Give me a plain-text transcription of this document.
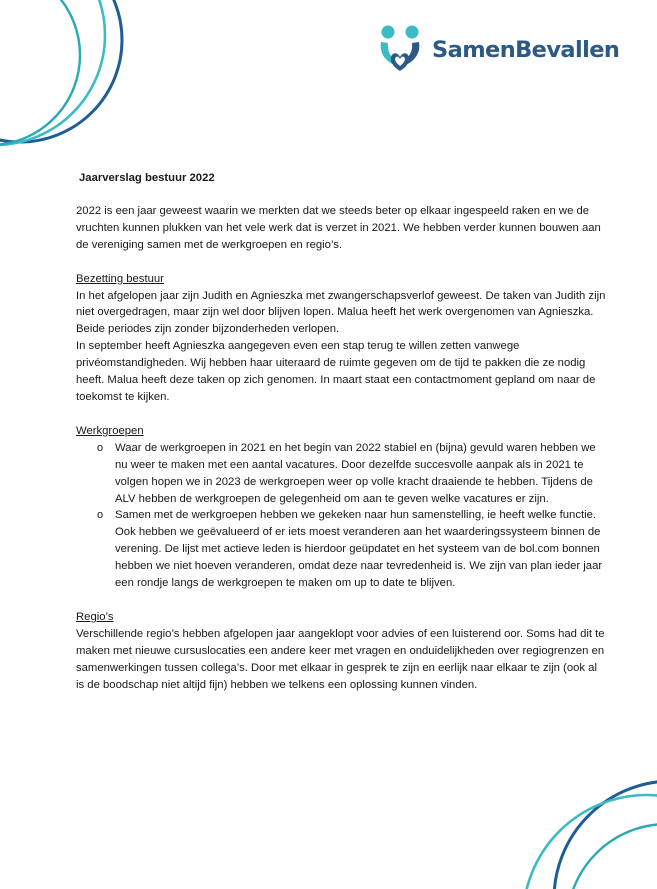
SamenBevallen
Jaarverslag bestuur 2022

2022 is een jaar geweest waarin we merkten dat we steeds beter op elkaar ingespeeld raken en we de vruchten kunnen plukken van het vele werk dat is verzet in 2021. We hebben verder kunnen bouwen aan de vereniging samen met de werkgroepen en regio’s.

Bezetting bestuur

In het afgelopen jaar zijn Judith en Agnieszka met zwangerschapsverlof geweest. De taken van Judith zijn niet overgedragen, maar zijn wel door blijven lopen. Malua heeft het werk overgenomen van Agnieszka. Beide periodes zijn zonder bijzonderheden verlopen.

In september heeft Agnieszka aangegeven even een stap terug te willen zetten vanwege privéomstandigheden. Wij hebben haar uiteraard de ruimte gegeven om de tijd te pakken die ze nodig heeft. Malua heeft deze taken op zich genomen. In maart staat een contactmoment gepland om naar de toekomst te kijken.

Werkgroepen

o Waar de werkgroepen in 2021 en het begin van 2022 stabiel en (bijna) gevuld waren hebben we nu weer te maken met een aantal vacatures. Door dezelfde succesvolle aanpak als in 2021 te volgen hopen we in 2023 de werkgroepen weer op volle kracht draaiende te hebben. Tijdens de ALV hebben de werkgroepen de gelegenheid om aan te geven welke vacatures er zijn.
o Samen met de werkgroepen hebben we gekeken naar hun samenstelling, ie heeft welke functie. Ook hebben we geëvalueerd of er iets moest veranderen aan het waarderingssysteem binnen de verening. De lijst met actieve leden is hierdoor geüpdatet en het systeem van de bol.com bonnen hebben we niet hoeven veranderen, omdat deze naar tevredenheid is. We zijn van plan ieder jaar een rondje langs de werkgroepen te maken om up to date te blijven.

Regio’s

Verschillende regio’s hebben afgelopen jaar aangeklopt voor advies of een luisterend oor. Soms had dit te maken met nieuwe cursuslocaties een andere keer met vragen en onduidelijkheden over regiogrenzen en samenwerkingen tussen collega’s. Door met elkaar in gesprek te zijn en eerlijk naar elkaar te zijn (ook al is de boodschap niet altijd fijn) hebben we telkens een oplossing kunnen vinden.
